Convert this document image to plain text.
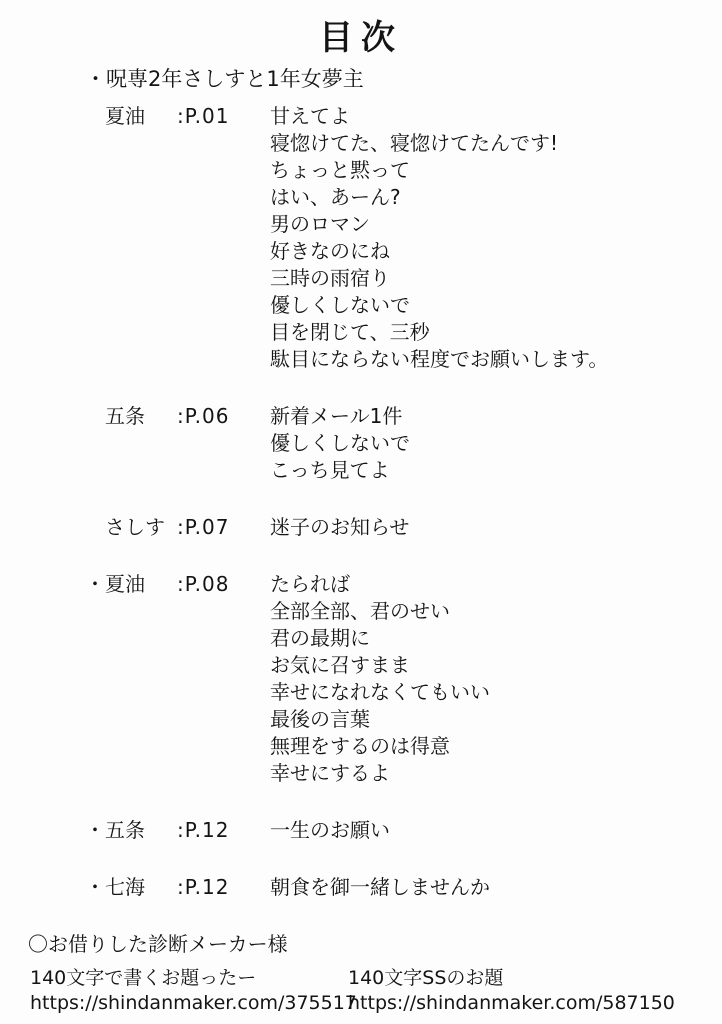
目次
・呪専2年さしすと1年女夢主
夏油	:P.01 甘えてよ
寝惚けてた、寝惚けてたんです!
ちょっと黙って
はい、あーん?
男のロマン
好きなのにね
三時の雨宿り
優しくしないで
目を閉じて、三秒
駄目にならない程度でお願いします。
五条	:P.06 新着メール1件
優しくしないで
こっち見てよ
さしす :P.07 迷子のお知らせ
・ 夏油	:P.08 たられば
全部全部、君のせい
君の最期に
お気に召すまま
幸せになれなくてもいい
最後の言葉
無理をするのは得意
幸せにするよ
・ 五条	:P.12 一生のお願い
・ 七海	:P.12 朝食を御一緒しませんか
〇お借りした診断メーカー様
140文字で書くお題ったー
https://shindanmaker.com/375517
140文字SSのお題
https://shindanmaker.com/587150
